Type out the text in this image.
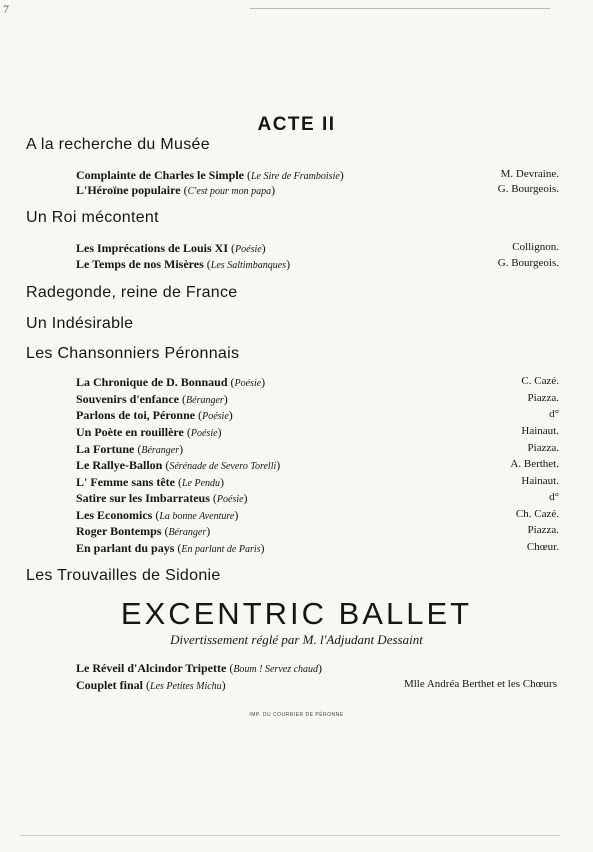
7
ACTE II
A la recherche du Musée
Complainte de Charles le Simple (Le Sire de Framboisie)	M. Devraine.
L'Héroïne populaire (C'est pour mon papa)	G. Bourgeois.
Un Roi mécontent
Les Imprécations de Louis XI (Poésie)	Collignon.
Le Temps de nos Misères (Les Saltimbanques)	G. Bourgeois.
Radegonde, reine de France
Un Indésirable
Les Chansonniers Péronnais
La Chronique de D. Bonnaud (Poésie)	C. Cazé.
Souvenirs d'enfance (Béranger)	Piazza.
Parlons de toi, Péronne (Poésie)	d°
Un Poète en rouillère (Poésie)	Hainaut.
La Fortune (Béranger)	Piazza.
Le Rallye-Ballon (Sérénade de Severo Torelli)	A. Berthet.
L' Femme sans tête (Le Pendu)	Hainaut.
Satire sur les Imbarrateus (Poésie)	d°
Les Economics (La bonne Aventure)	Ch. Cazé.
Roger Bontemps (Béranger)	Piazza.
En parlant du pays (En parlant de Paris)	Chœur.
Les Trouvailles de Sidonie
EXCENTRIC BALLET
Divertissement réglé par M. l'Adjudant Dessaint
Le Réveil d'Alcindor Tripette (Boum ! Servez chaud)
Couplet final (Les Petites Michu)	Mlle Andréa Berthet et les Chœurs
IMP. DU COURRIER DE PÉRONNE
